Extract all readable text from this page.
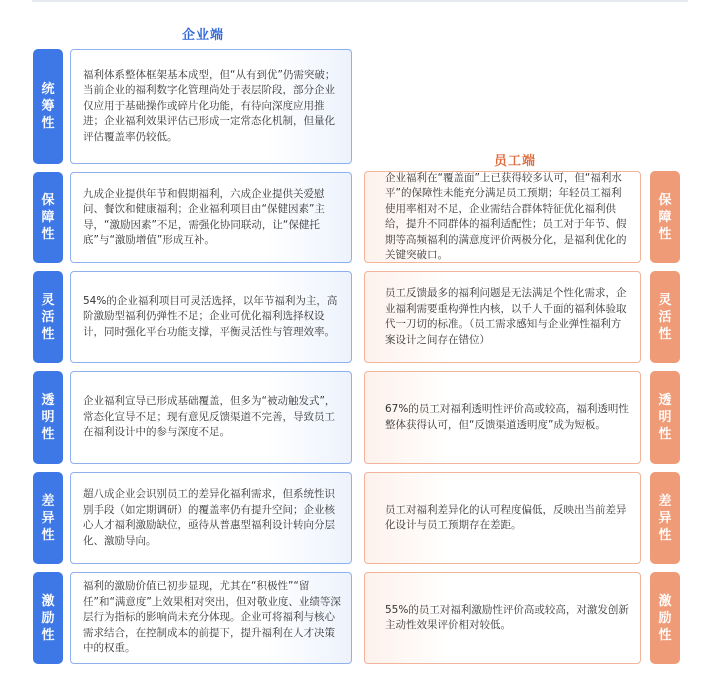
企业端
员工端
统筹性

福利体系整体框架基本成型，但“从有到优”仍需突破；当前企业的福利数字化管理尚处于表层阶段，部分企业仅应用于基础操作或碎片化功能，有待向深度应用推进；企业福利效果评估已形成一定常态化机制，但量化评估覆盖率仍较低。

保障性

九成企业提供年节和假期福利，六成企业提供关爱慰问、餐饮和健康福利；企业福利项目由“保健因素”主导，“激励因素”不足，需强化协同联动，让“保健托底”与“激励增值”形成互补。

灵活性

54%的企业福利项目可灵活选择，以年节福利为主，高阶激励型福利仍弹性不足；企业可优化福利选择权设计，同时强化平台功能支撑，平衡灵活性与管理效率。

透明性

企业福利宣导已形成基础覆盖，但多为“被动触发式”，常态化宣导不足；现有意见反馈渠道不完善，导致员工在福利设计中的参与深度不足。

差异性

超八成企业会识别员工的差异化福利需求，但系统性识别手段（如定期调研）的覆盖率仍有提升空间；企业核心人才福利激励缺位，亟待从普惠型福利设计转向分层化、激励导向。

激励性

福利的激励价值已初步显现，尤其在“积极性”“留任”和“满意度”上效果相对突出，但对敬业度、业绩等深层行为指标的影响尚未充分体现。企业可将福利与核心需求结合，在控制成本的前提下，提升福利在人才决策中的权重。

企业福利在“覆盖面”上已获得较多认可，但“福利水平”的保障性未能充分满足员工预期；年轻员工福利使用率相对不足，企业需结合群体特征优化福利供给，提升不同群体的福利适配性；员工对于年节、假期等高频福利的满意度评价两极分化，是福利优化的关键突破口。

保障性

员工反馈最多的福利问题是无法满足个性化需求，企业福利需要重构弹性内核，以千人千面的福利体验取代一刀切的标准。（员工需求感知与企业弹性福利方案设计之间存在错位）

灵活性

67%的员工对福利透明性评价高或较高，福利透明性整体获得认可，但“反馈渠道透明度”成为短板。

透明性

员工对福利差异化的认可程度偏低，反映出当前差异化设计与员工预期存在差距。

差异性

55%的员工对福利激励性评价高或较高，对激发创新主动性效果评价相对较低。

激励性
